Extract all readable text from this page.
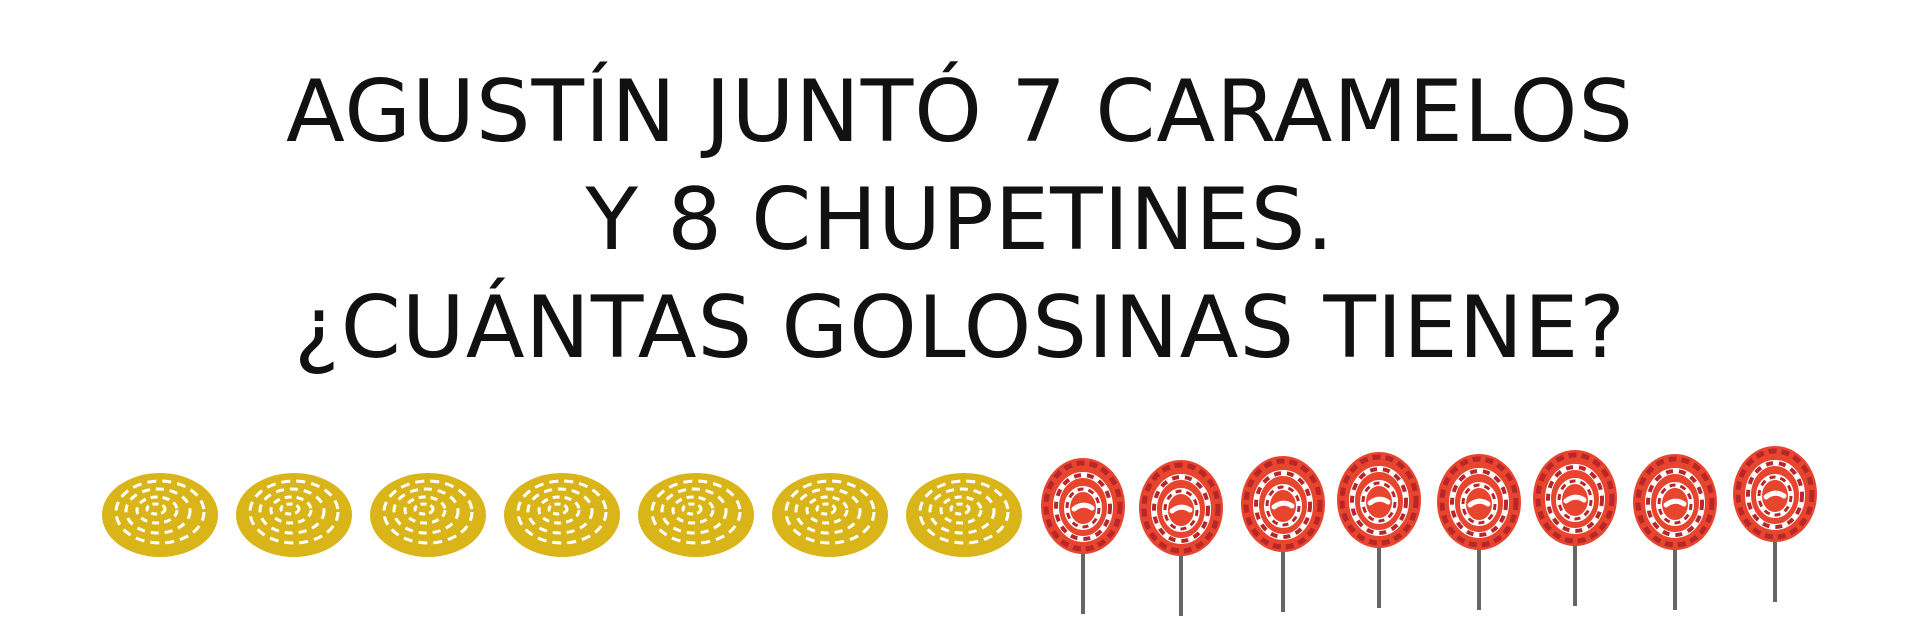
AGUSTÍN JUNTÓ 7 CARAMELOS
Y 8 CHUPETINES.
¿CUÁNTAS GOLOSINAS TIENE?
